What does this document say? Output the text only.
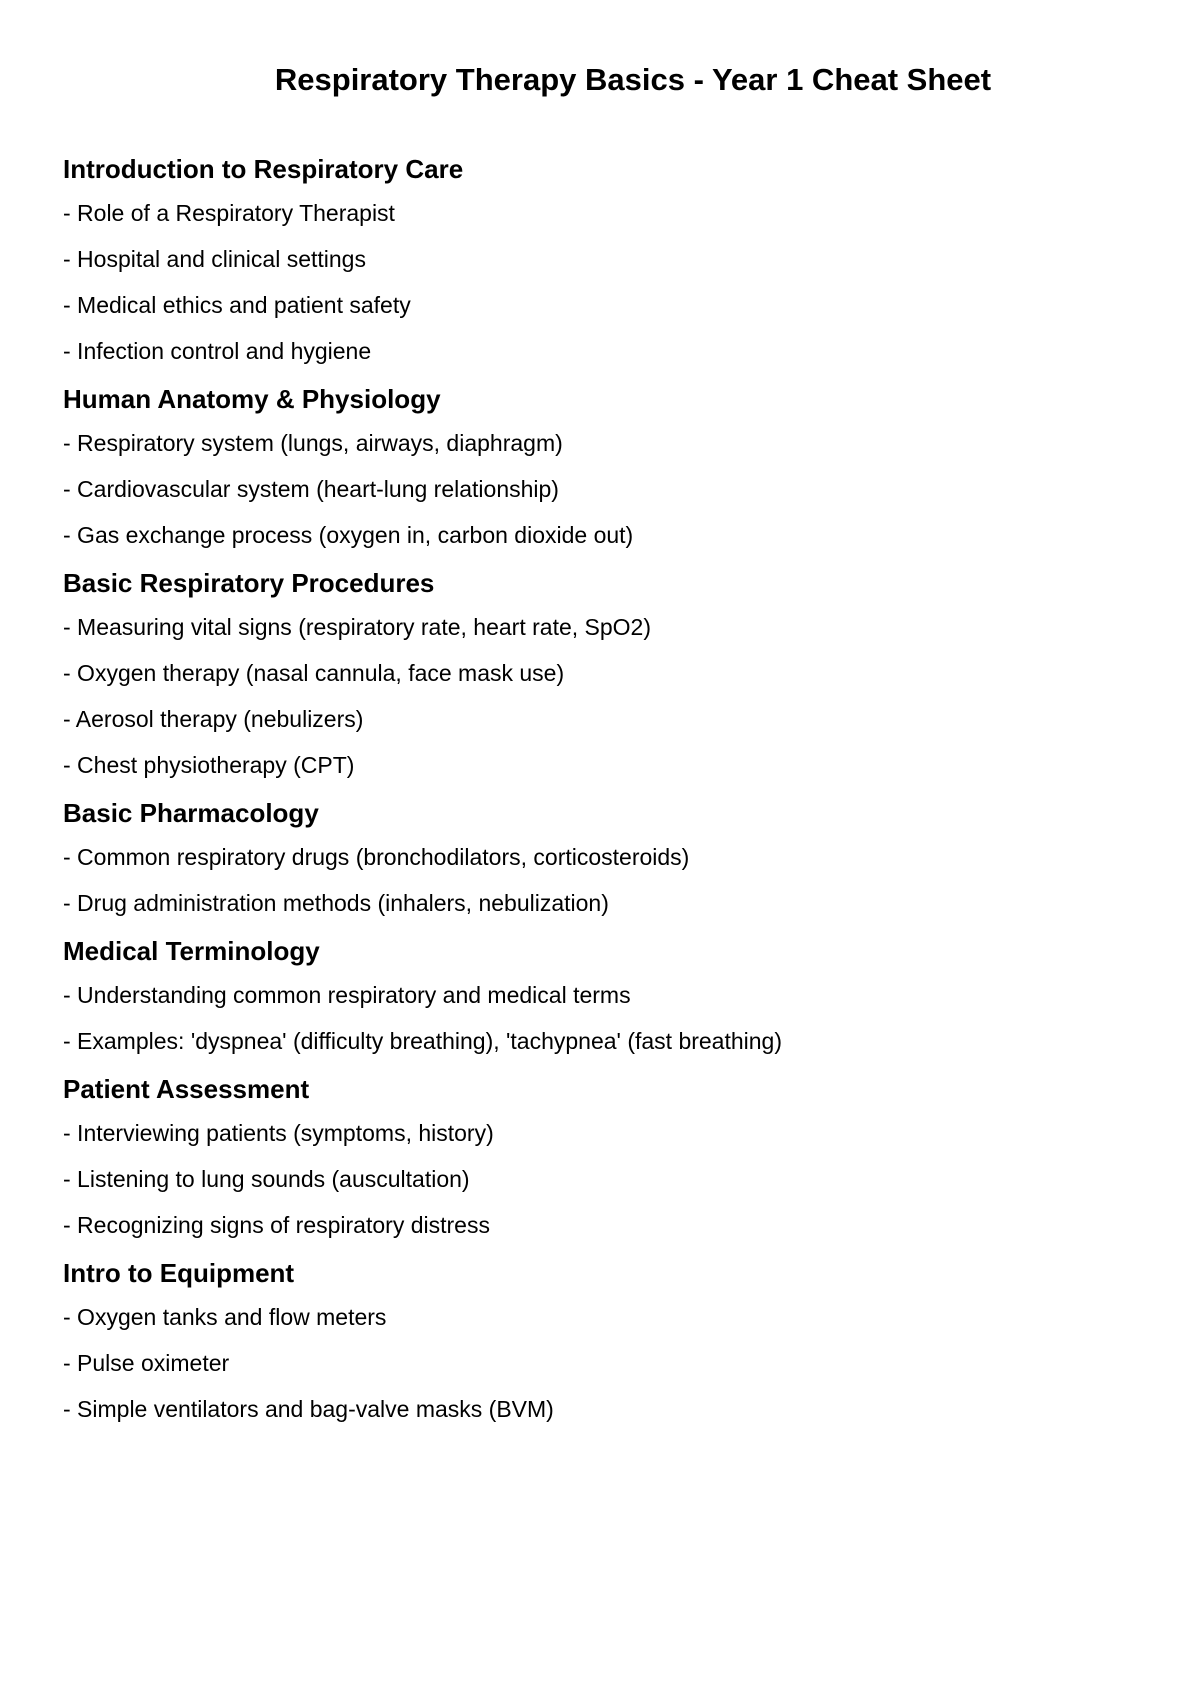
Respiratory Therapy Basics - Year 1 Cheat Sheet
Introduction to Respiratory Care
- Role of a Respiratory Therapist
- Hospital and clinical settings
- Medical ethics and patient safety
- Infection control and hygiene
Human Anatomy & Physiology
- Respiratory system (lungs, airways, diaphragm)
- Cardiovascular system (heart-lung relationship)
- Gas exchange process (oxygen in, carbon dioxide out)
Basic Respiratory Procedures
- Measuring vital signs (respiratory rate, heart rate, SpO2)
- Oxygen therapy (nasal cannula, face mask use)
- Aerosol therapy (nebulizers)
- Chest physiotherapy (CPT)
Basic Pharmacology
- Common respiratory drugs (bronchodilators, corticosteroids)
- Drug administration methods (inhalers, nebulization)
Medical Terminology
- Understanding common respiratory and medical terms
- Examples: 'dyspnea' (difficulty breathing), 'tachypnea' (fast breathing)
Patient Assessment
- Interviewing patients (symptoms, history)
- Listening to lung sounds (auscultation)
- Recognizing signs of respiratory distress
Intro to Equipment
- Oxygen tanks and flow meters
- Pulse oximeter
- Simple ventilators and bag-valve masks (BVM)
